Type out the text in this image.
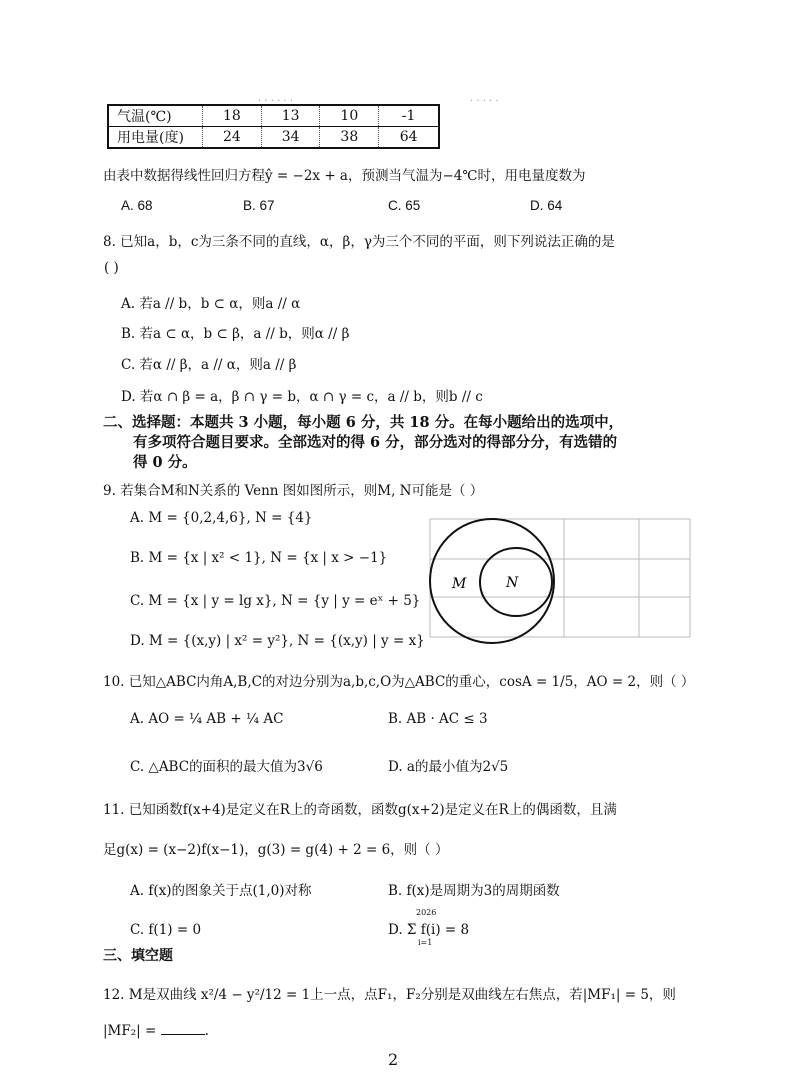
· · · · · ·	· · · · ·
气温(℃)	18	13	10	-1
用电量(度)	24	34	38	64
由表中数据得线性回归方程ŷ = −2x + a，预测当气温为−4℃时，用电量度数为
A. 68	B. 67	C. 65	D. 64
8. 已知a，b，c为三条不同的直线，α，β，γ为三个不同的平面，则下列说法正确的是
( )
A. 若a // b，b ⊂ α，则a // α
B. 若a ⊂ α，b ⊂ β，a // b，则α // β
C. 若α // β，a // α，则a // β
D. 若α ∩ β = a，β ∩ γ = b，α ∩ γ = c，a // b，则b // c
二、选择题：本题共 3 小题，每小题 6 分，共 18 分。在每小题给出的选项中，
有多项符合题目要求。全部选对的得 6 分，部分选对的得部分分，有选错的
得 0 分。
9. 若集合M和N关系的 Venn 图如图所示，则M, N可能是（ ）
A. M = {0,2,4,6}, N = {4}
B. M = {x | x² < 1}, N = {x | x > −1}
C. M = {x | y = lg x}, N = {y | y = eˣ + 5}
D. M = {(x,y) | x² = y²}, N = {(x,y) | y = x}
M	N
10. 已知△ABC内角A,B,C的对边分别为a,b,c,O为△ABC的重心，cosA = 1/5，AO = 2，则（ ）
A. AO = ¼ AB + ¼ AC	B. AB · AC ≤ 3
C. △ABC的面积的最大值为3√6	D. a的最小值为2√5
11. 已知函数f(x+4)是定义在R上的奇函数，函数g(x+2)是定义在R上的偶函数，且满
足g(x) = (x−2)f(x−1)，g(3) = g(4) + 2 = 6，则（ ）
A. f(x)的图象关于点(1,0)对称	B. f(x)是周期为3的周期函数
C. f(1) = 0	D. Σ f(i) = 8
2026
i=1
三、填空题
12. M是双曲线 x²/4 − y²/12 = 1上一点，点F₁，F₂分别是双曲线左右焦点，若|MF₁| = 5，则
|MF₂| =	.
2
